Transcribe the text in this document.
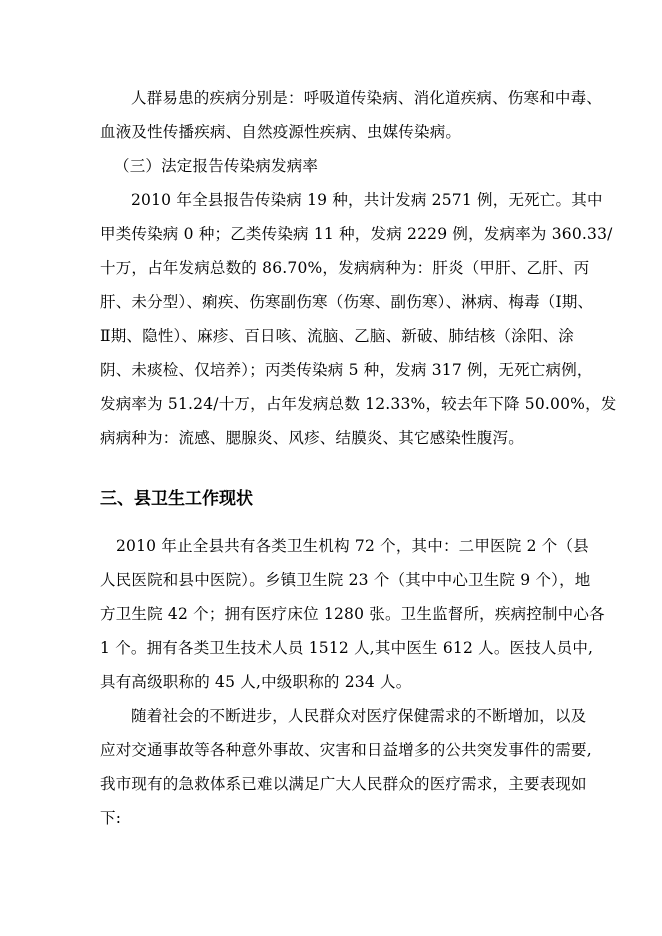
人群易患的疾病分别是：呼吸道传染病、消化道疾病、伤寒和中毒、
血液及性传播疾病、自然疫源性疾病、虫媒传染病。
（三）法定报告传染病发病率
2010 年全县报告传染病 19 种，共计发病 2571 例，无死亡。其中
甲类传染病 0 种；乙类传染病 11 种，发病 2229 例，发病率为 360.33/
十万，占年发病总数的 86.70%，发病病种为：肝炎（甲肝、乙肝、丙
肝、未分型）、痢疾、伤寒副伤寒（伤寒、副伤寒）、淋病、梅毒（Ⅰ期、
Ⅱ期、隐性）、麻疹、百日咳、流脑、乙脑、新破、肺结核（涂阳、涂
阴、未痰检、仅培养）；丙类传染病 5 种，发病 317 例，无死亡病例，
发病率为 51.24/十万，占年发病总数 12.33%，较去年下降 50.00%，发
病病种为：流感、腮腺炎、风疹、结膜炎、其它感染性腹泻。
三、县卫生工作现状
2010 年止全县共有各类卫生机构 72 个，其中：二甲医院 2 个（县
人民医院和县中医院）。乡镇卫生院 23 个（其中中心卫生院 9 个），地
方卫生院 42 个；拥有医疗床位 1280 张。卫生监督所，疾病控制中心各
1 个。拥有各类卫生技术人员 1512 人,其中医生 612 人。医技人员中,
具有高级职称的 45 人,中级职称的 234 人。
随着社会的不断进步，人民群众对医疗保健需求的不断增加，以及
应对交通事故等各种意外事故、灾害和日益增多的公共突发事件的需要,
我市现有的急救体系已难以满足广大人民群众的医疗需求，主要表现如
下:
